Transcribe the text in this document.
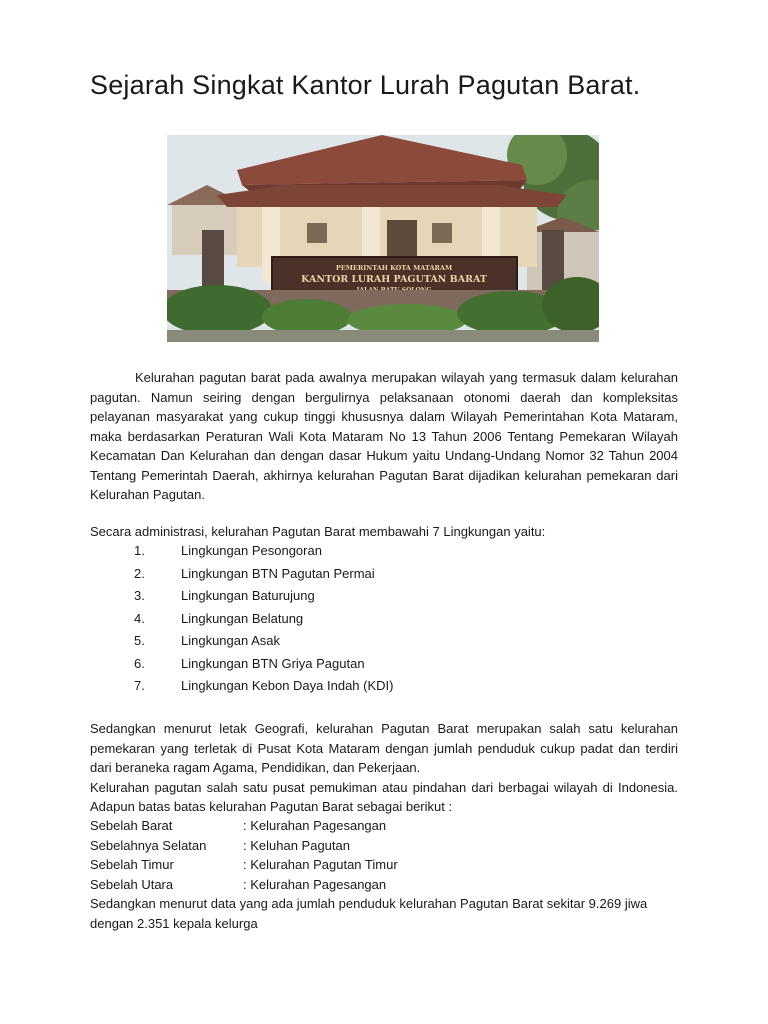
Sejarah Singkat Kantor Lurah Pagutan Barat.
PEMERINTAH KOTA MATARAM
KANTOR LURAH PAGUTAN BARAT

Kelurahan pagutan barat pada awalnya merupakan wilayah yang termasuk dalam kelurahan pagutan. Namun seiring dengan bergulirnya pelaksanaan otonomi daerah dan kompleksitas pelayanan masyarakat yang cukup tinggi khususnya dalam Wilayah Pemerintahan Kota Mataram, maka berdasarkan Peraturan Wali Kota Mataram No 13 Tahun 2006 Tentang Pemekaran Wilayah Kecamatan Dan Kelurahan dan dengan dasar Hukum yaitu Undang-Undang Nomor 32 Tahun 2004 Tentang Pemerintah Daerah, akhirnya kelurahan Pagutan Barat dijadikan kelurahan pemekaran dari Kelurahan Pagutan.

Secara administrasi, kelurahan Pagutan Barat membawahi 7 Lingkungan yaitu:

1.	Lingkungan Pesongoran
2.	Lingkungan BTN Pagutan Permai
3.	Lingkungan Baturujung
4.	Lingkungan Belatung
5.	Lingkungan Asak
6.	Lingkungan BTN Griya Pagutan
7.	Lingkungan Kebon Daya Indah (KDI)
Sedangkan menurut letak Geografi, kelurahan Pagutan Barat merupakan salah satu kelurahan pemekaran yang terletak di Pusat Kota Mataram dengan jumlah penduduk cukup padat dan terdiri dari beraneka ragam Agama, Pendidikan, dan Pekerjaan.
Kelurahan pagutan salah satu pusat pemukiman atau pindahan dari berbagai wilayah di Indonesia. Adapun batas batas kelurahan Pagutan Barat sebagai berikut :
Sebelah Barat	: Kelurahan Pagesangan
Sebelahnya Selatan	: Keluhan Pagutan
Sebelah Timur	: Kelurahan Pagutan Timur
Sebelah Utara	: Kelurahan Pagesangan

Sedangkan menurut data yang ada jumlah penduduk kelurahan Pagutan Barat sekitar 9.269 jiwa dengan 2.351 kepala kelurga
